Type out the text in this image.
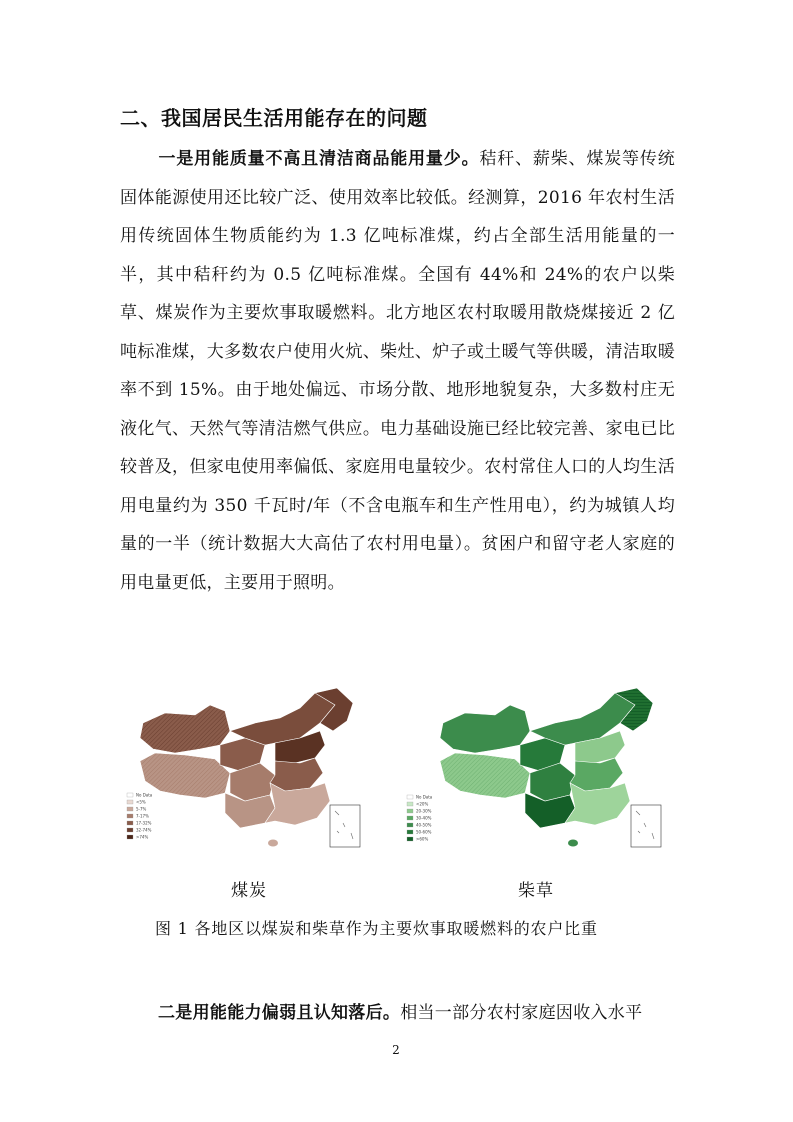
二、我国居民生活用能存在的问题

一是用能质量不高且清洁商品能用量少。秸秆、薪柴、煤炭等传统固体能源使用还比较广泛、使用效率比较低。经测算，2016 年农村生活用传统固体生物质能约为 1.3 亿吨标准煤，约占全部生活用能量的一半，其中秸秆约为 0.5 亿吨标准煤。全国有 44%和 24%的农户以柴草、煤炭作为主要炊事取暖燃料。北方地区农村取暖用散烧煤接近 2 亿吨标准煤，大多数农户使用火炕、柴灶、炉子或土暖气等供暖，清洁取暖率不到 15%。由于地处偏远、市场分散、地形地貌复杂，大多数村庄无液化气、天然气等清洁燃气供应。电力基础设施已经比较完善、家电已比较普及，但家电使用率偏低、家庭用电量较少。农村常住人口的人均生活用电量约为 350 千瓦时/年（不含电瓶车和生产性用电），约为城镇人均量的一半（统计数据大大高估了农村用电量）。贫困户和留守老人家庭的用电量更低，主要用于照明。

No Data
<5%
5-7%
7-17%
17-32%
32-74%
>74%
No Data
<20%
20-30%
30-40%
40-50%
50-60%
>60%
煤炭	柴草
图 1 各地区以煤炭和柴草作为主要炊事取暖燃料的农户比重

二是用能能力偏弱且认知落后。相当一部分农村家庭因收入水平

2
